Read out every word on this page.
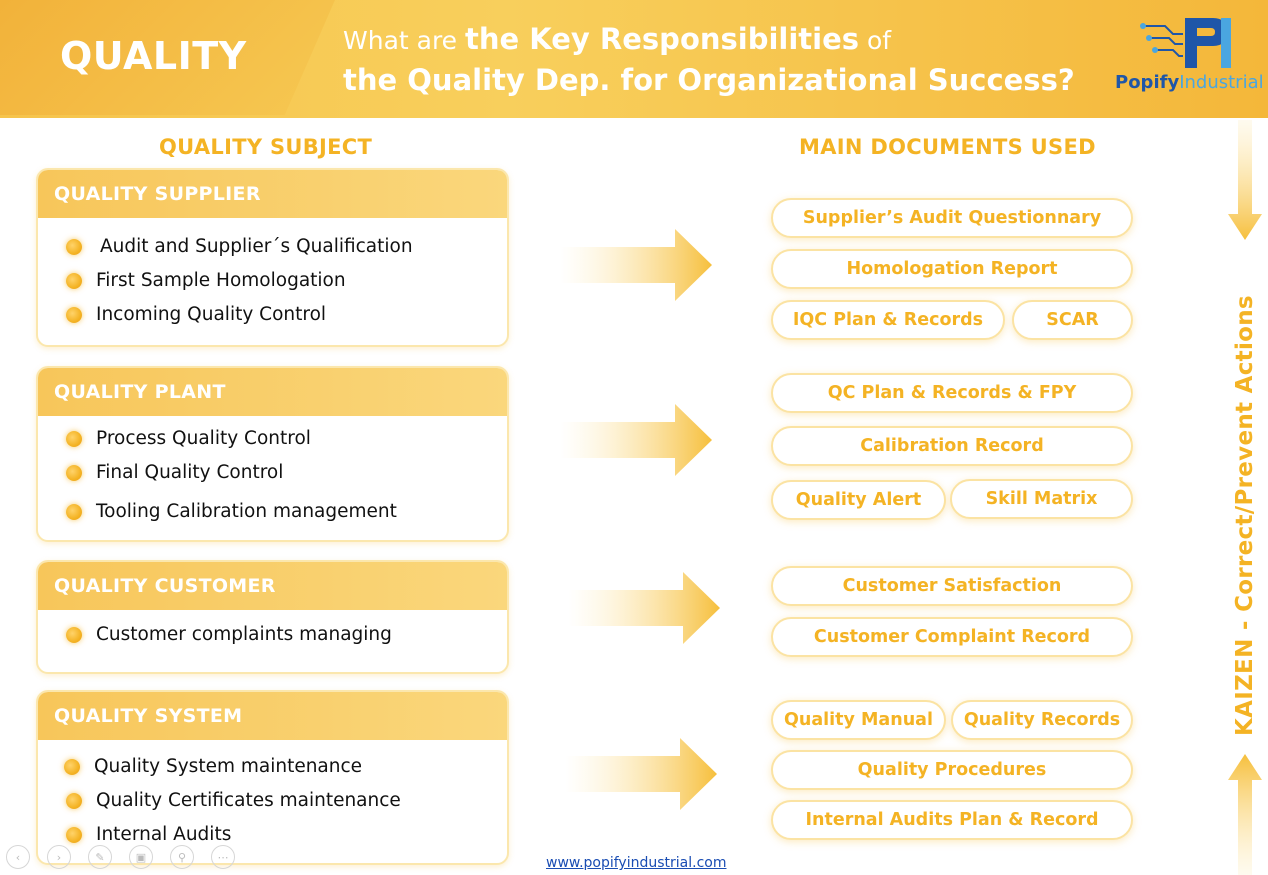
QUALITY	What are the Key Responsibilities of
the Quality Dep. for Organizational Success? PopifyIndustrial
QUALITY SUBJECT	MAIN DOCUMENTS USED
QUALITY SUPPLIER
Audit and Supplier´s Qualification
First Sample Homologation
Incoming Quality Control
QUALITY PLANT
Process Quality Control
Final Quality Control
Tooling Calibration management
QUALITY CUSTOMER
Customer complaints managing
QUALITY SYSTEM
Quality System maintenance
Quality Certificates maintenance
Internal Audits
Supplier’s Audit Questionnary
Homologation Report
IQC Plan & Records	SCAR
QC Plan & Records & FPY
Calibration Record
Quality Alert	Skill Matrix
Customer Satisfaction
Customer Complaint Record
Quality Manual	Quality Records
Quality Procedures
Internal Audits Plan & Record
KAIZEN - Correct/Prevent Actions
www.popifyindustrial.com
‹	›	✎	▣	⚲	⋯
